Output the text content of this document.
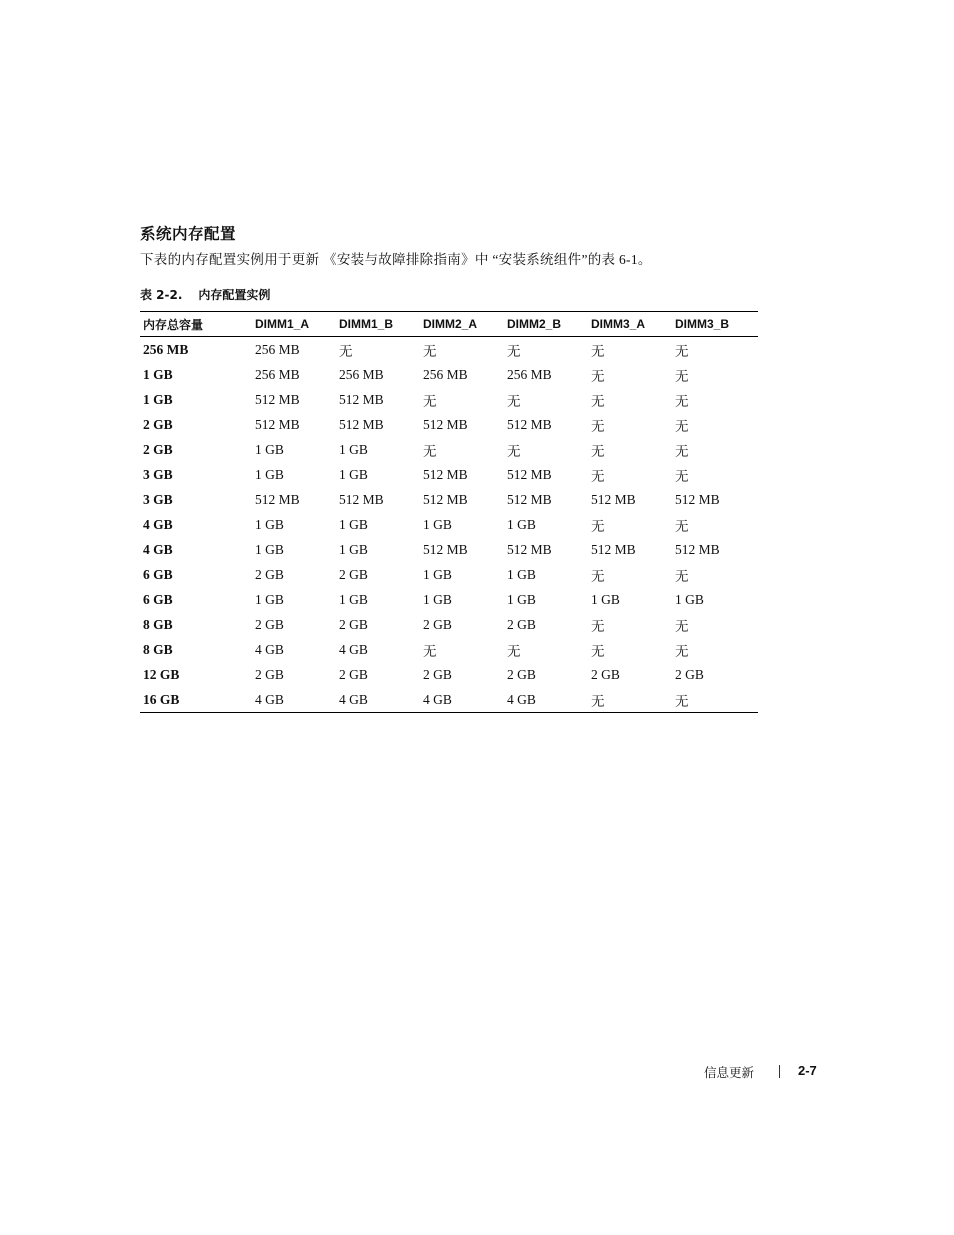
系统内存配置
下表的内存配置实例用于更新 《安装与故障排除指南》中 “安装系统组件”的表 6-1。
表 2-2. 内存配置实例
内存总容量	DIMM1_A	DIMM1_B	DIMM2_A	DIMM2_B	DIMM3_A	DIMM3_B
256 MB	256 MB	无	无	无	无	无
1 GB	256 MB	256 MB	256 MB	256 MB	无	无
1 GB	512 MB	512 MB	无	无	无	无
2 GB	512 MB	512 MB	512 MB	512 MB	无	无
2 GB	1 GB	1 GB	无	无	无	无
3 GB	1 GB	1 GB	512 MB	512 MB	无	无
3 GB	512 MB	512 MB	512 MB	512 MB	512 MB	512 MB
4 GB	1 GB	1 GB	1 GB	1 GB	无	无
4 GB	1 GB	1 GB	512 MB	512 MB	512 MB	512 MB
6 GB	2 GB	2 GB	1 GB	1 GB	无	无
6 GB	1 GB	1 GB	1 GB	1 GB	1 GB	1 GB
8 GB	2 GB	2 GB	2 GB	2 GB	无	无
8 GB	4 GB	4 GB	无	无	无	无
12 GB	2 GB	2 GB	2 GB	2 GB	2 GB	2 GB
16 GB	4 GB	4 GB	4 GB	4 GB	无	无
信息更新	2-7
